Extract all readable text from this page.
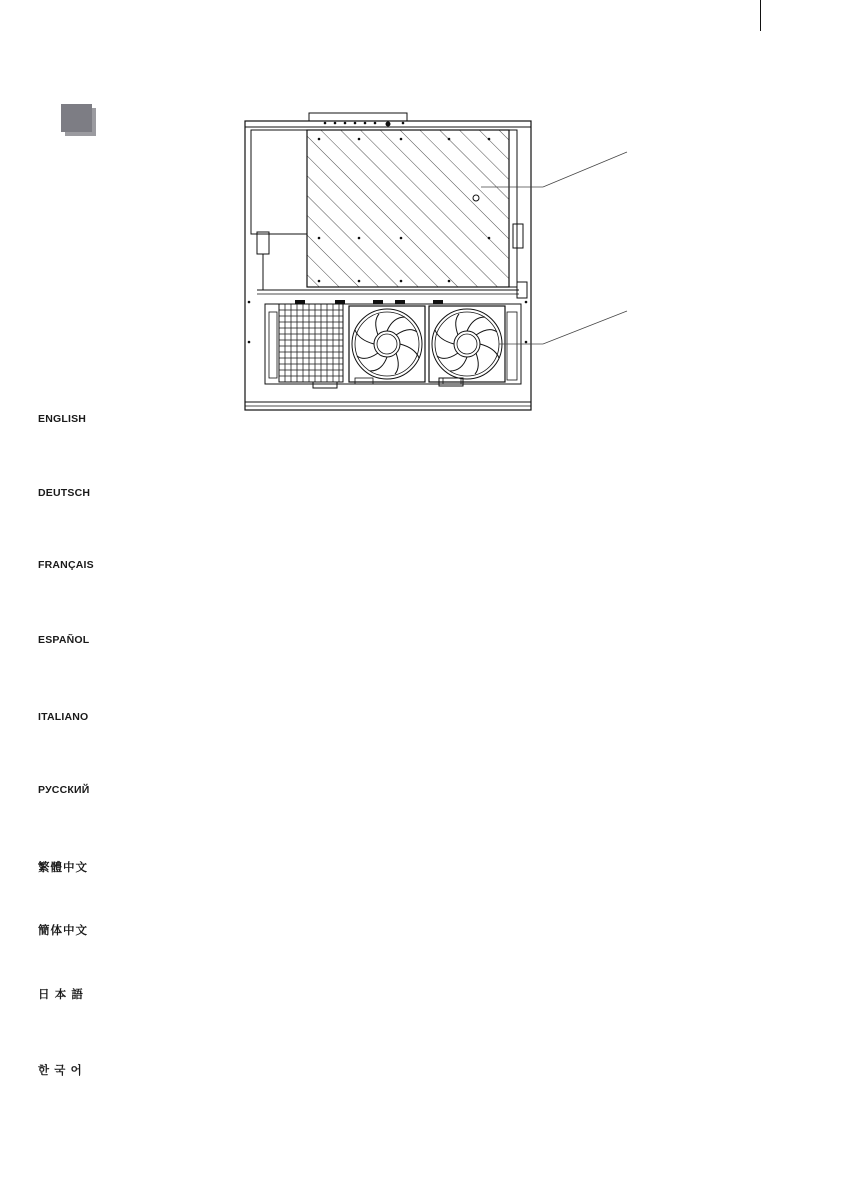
ENGLISH
DEUTSCH
FRANÇAIS
ESPAÑOL
ITALIANO
РУССКИЙ
繁體中文
簡体中文
日 本 語
한 국 어
